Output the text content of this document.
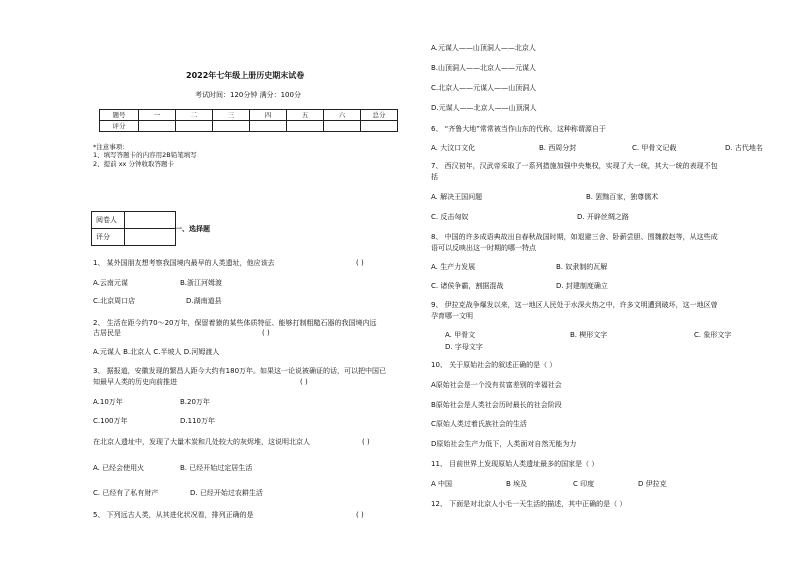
2022年七年级上册历史期末试卷
考试时间：120分钟 满分：100分
题号	一	二	三	四	五	六	总分
评分							
*注意事项：
1、填写答题卡的内容用2B铅笔填写
2、提前 xx 分钟收取答题卡
阅卷人	
评分	
一、选择题
1、 某外国朋友想考察我国境内最早的人类遗址，他应该去	( )
A.云南元谋	B.浙江河姆渡
C.北京周口店	D.湖南道县
2、 生活在距今约70～20万年，保留着猿的某些体质特征、能够打制粗糙石器的我国境内远
古居民是	( )
A.元谋人 B.北京人 C.半坡人 D.河姆渡人
3、 据报道，安徽发现的繁昌人距今大约有180万年。如果这一论说被确证的话，可以把中国已
知最早人类的历史向前推进	( )
A.10万年	B.20万年
C.100万年	D.110万年
在北京人遗址中，发现了大量木炭和几处较大的灰烬堆，这说明北京人	( )
A. 已经会使用火	B. 已经开始过定居生活
C. 已经有了私有财产	D. 已经开始过农耕生活
5、 下列远古人类，从其进化状况看，排列正确的是	( )
A.元谋人——山顶洞人——北京人
B.山顶洞人——北京人——元谋人
C.北京人——元谋人——山顶洞人
D.元谋人——北京人——山顶洞人
6、 “齐鲁大地”常常被当作山东的代称，这种称谓源自于
A. 大汶口文化	B. 西周分封	C. 甲骨文记载	D. 古代地名
7、 西汉初年，汉武帝采取了一系列措施加强中央集权，实现了大一统，其大一统的表现不包
括
A. 解决王国问题	B. 罢黜百家，独尊儒术
C. 反击匈奴	D. 开辟丝绸之路
8、 中国的许多成语典故出自春秋战国时期，如退避三舍、卧薪尝胆、围魏救赵等，从这些成
语可以反映出这一时期的哪一特点
A. 生产力发展	B. 奴隶制的瓦解
C. 诸侯争霸，割据混战	D. 封建制度确立
9、 伊拉克战争爆发以来，这一地区人民处于水深火热之中，许多文明遭到破坏，这一地区曾
孕育哪一文明
A. 甲骨文	B. 楔形文字	C. 象形文字
D. 字母文字
10、 关于原始社会的叙述正确的是（ ）
A原始社会是一个没有贫富差别的幸福社会
B原始社会是人类社会历时最长的社会阶段
C原始人类过着氏族社会的生活
D原始社会生产力低下，人类面对自然无能为力
11、 目前世界上发现原始人类遗址最多的国家是（ ）
A 中国	B 埃及	C 印度	D 伊拉克
12、 下面是对北京人小毛一天生活的描述，其中正确的是（ ）
